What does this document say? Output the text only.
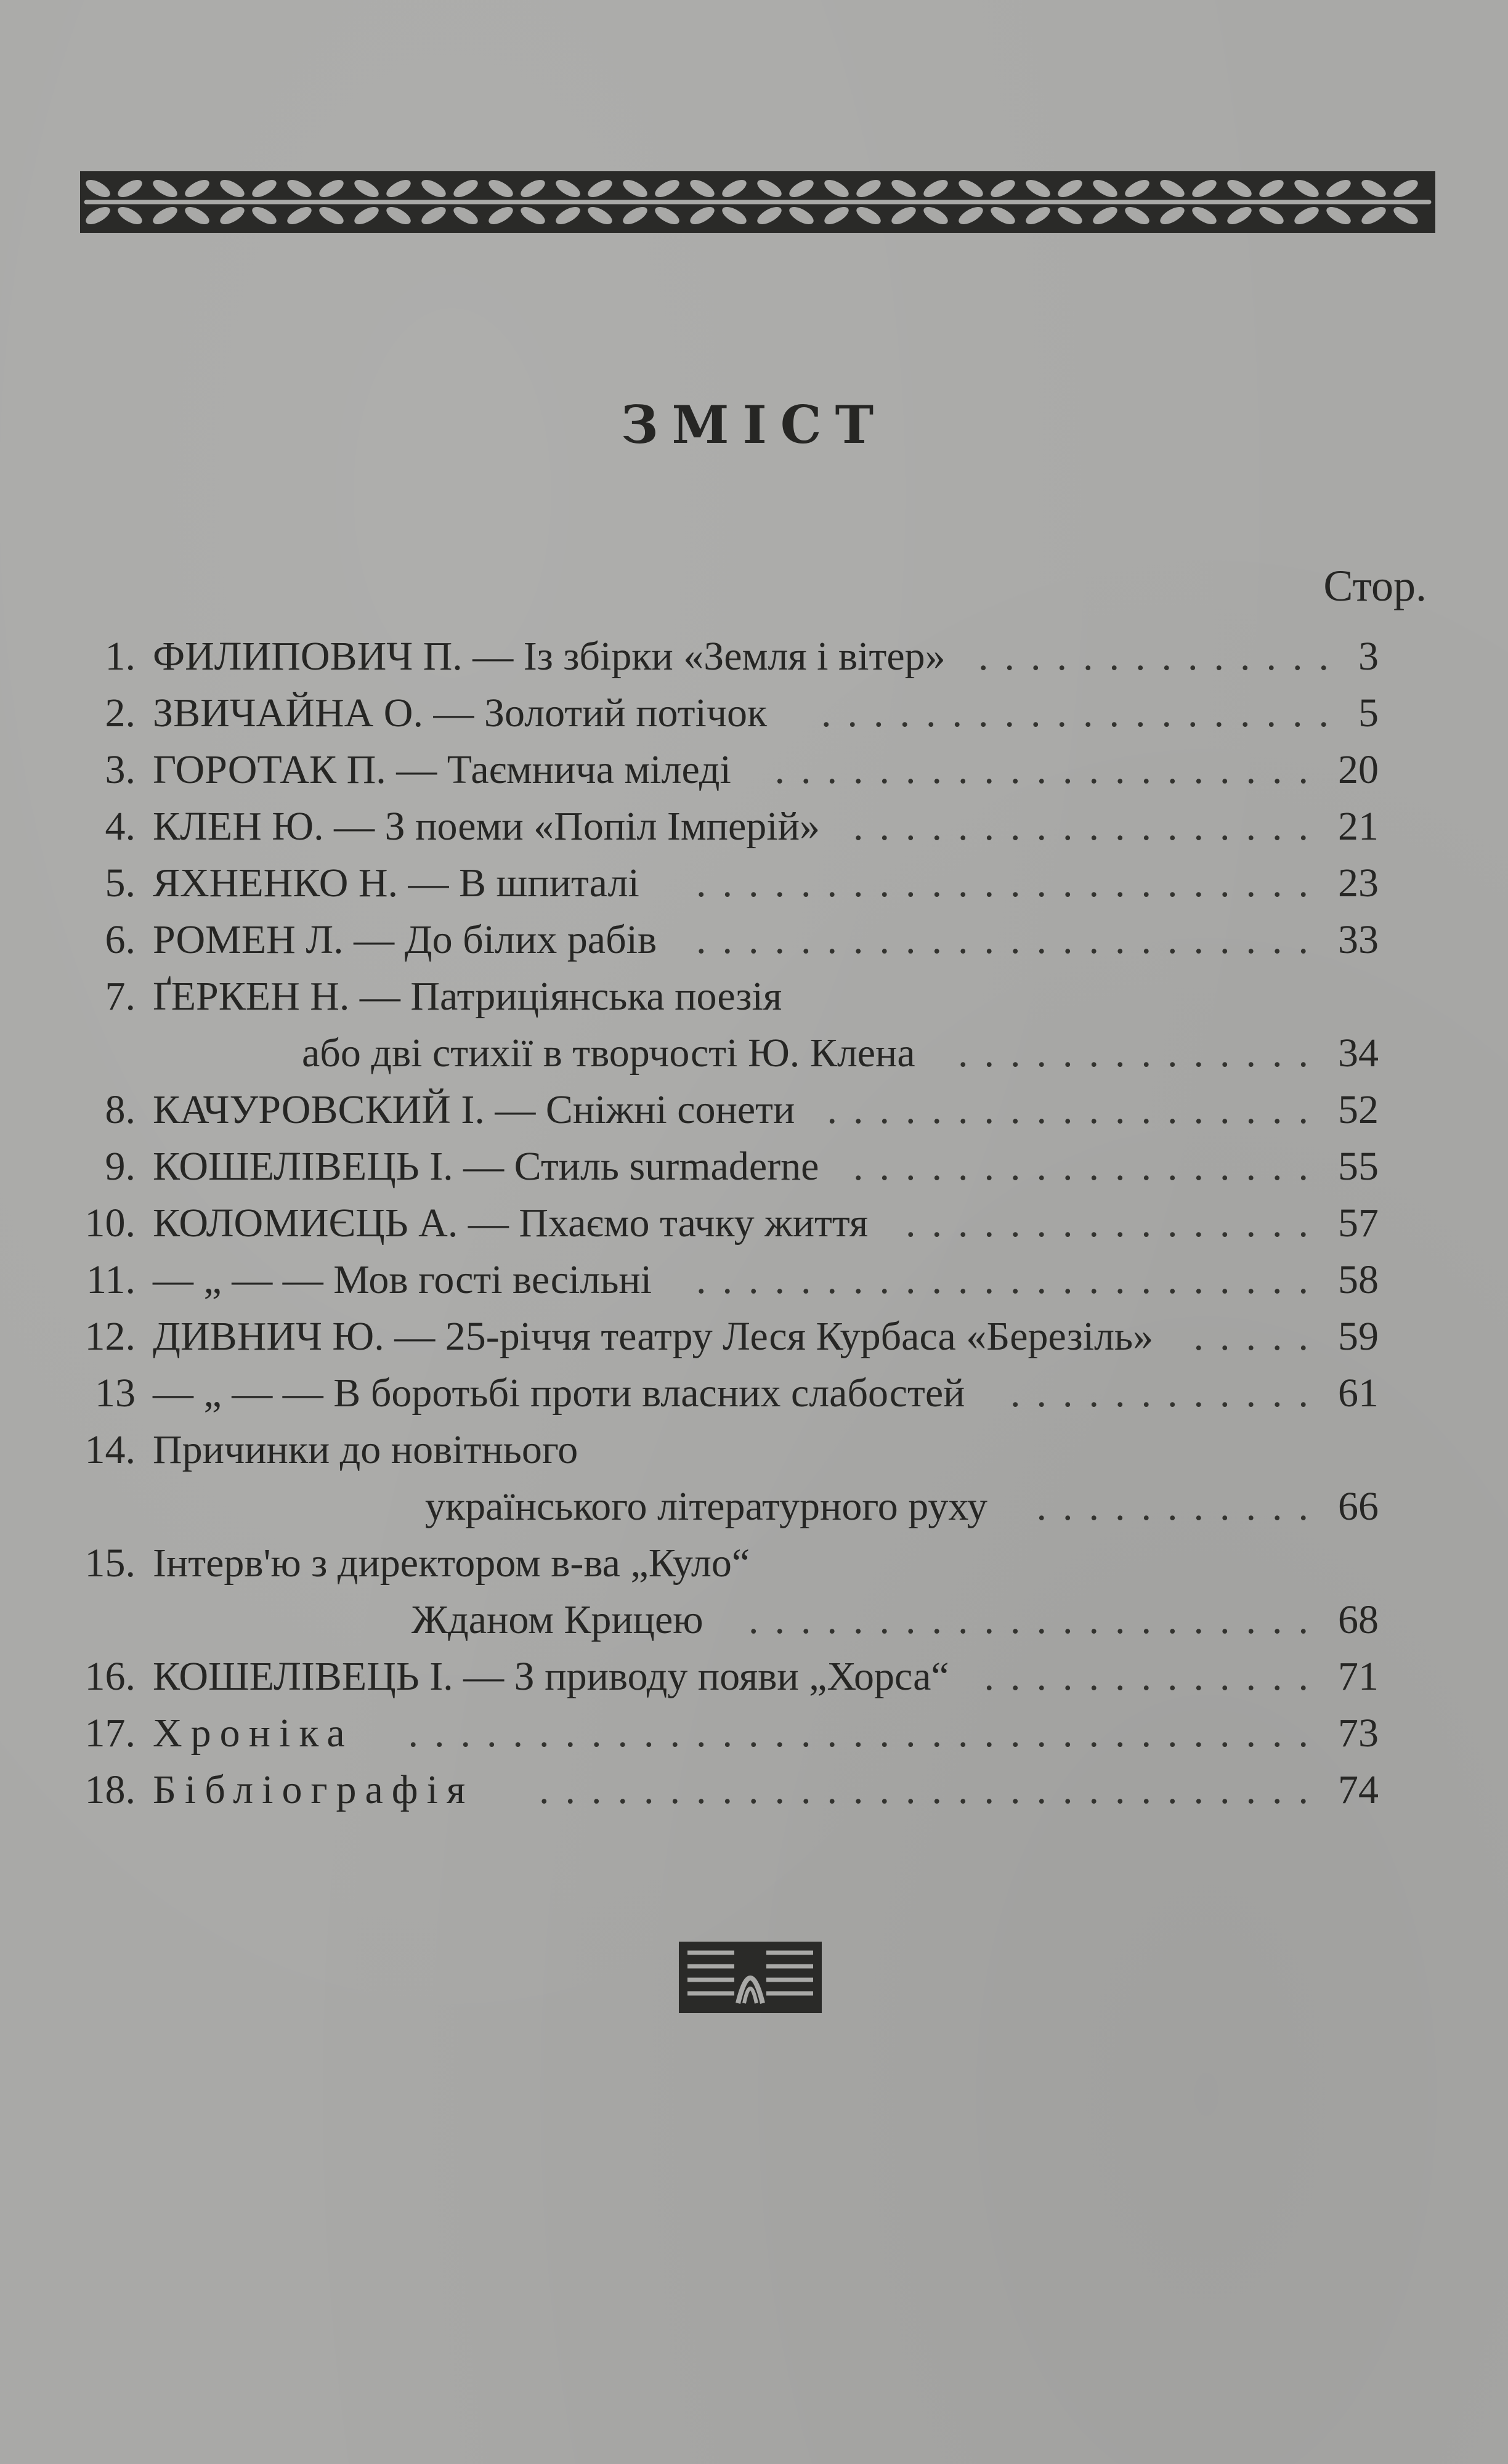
ЗМІСТ
Стор.
1. ФИЛИПОВИЧ П. — Із збірки «Земля і вітер»	3
..............
2. ЗВИЧАЙНА О. — Золотий потічок	5
....................
3. ГОРОТАК П. — Таємнича міледі	20
.....................
4. КЛЕН Ю. — З поеми «Попіл Імперій»	21
..................
5. ЯХНЕНКО Н. — В шпиталі	23
........................
6. РОМЕН Л. — До білих рабів	33
........................
7. ҐЕРКЕН Н. — Патриціянська поезія
або дві стихії в творчості Ю. Клена	34
..............
8. КАЧУРОВСКИЙ І. — Сніжні сонети	52
...................
9. КОШЕЛІВЕЦЬ І. — Стиль surmaderne	55
..................
10. КОЛОМИЄЦЬ А. — Пхаємо тачку життя	57
................
11. — „ — — Мов гості весільні	58
........................
12. ДИВНИЧ Ю. — 25-річчя театру Леся Курбаса «Березіль»	59
.....
13 — „ — — В боротьбі проти власних слабостей	61
............
14. Причинки до новітнього
українського літературного руху	66
...........
15. Інтерв'ю з директором в-ва „Куло“
Жданом Крицею	68
......................
16. КОШЕЛІВЕЦЬ І. — З приводу появи „Хорса“	71
.............
17. Хроніка	73
...................................
18. Бібліографія	74
..............................
